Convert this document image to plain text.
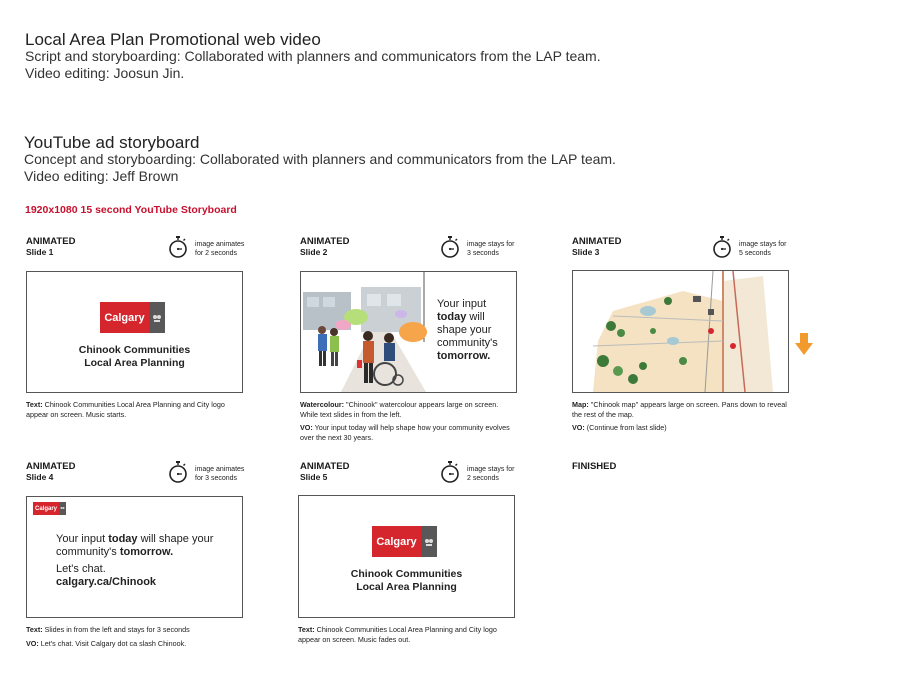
Local Area Plan Promotional web video
Script and storyboarding: Collaborated with planners and communicators from the LAP team.
Video editing: Joosun Jin.
YouTube ad storyboard
Concept and storyboarding: Collaborated with planners and communicators from the LAP team.
Video editing: Jeff Brown
1920x1080 15 second YouTube Storyboard
ANIMATED
Slide 1
image animates
for 2 seconds
Calgary
Chinook Communities
Local Area Planning
Text: Chinook Communities Local Area Planning and City logo appear on screen. Music starts.
ANIMATED
Slide 2
image stays for
3 seconds
Your input
today will
shape your
community's
tomorrow.
Watercolour: "Chinook" watercolour appears large on screen. While text slides in from the left.
VO: Your input today will help shape how your community evolves over the next 30 years.
ANIMATED
Slide 3
image stays for
5 seconds
Map: "Chinook map" appears large on screen. Pans down to reveal the rest of the map.
VO: (Continue from last slide)
ANIMATED
Slide 4
image animates
for 3 seconds
Calgary
Your input today will shape your
community's tomorrow.
Let's chat.
calgary.ca/Chinook
Text: Slides in from the left and stays for 3 seconds
VO: Let's chat. Visit Calgary dot ca slash Chinook.
ANIMATED
Slide 5
image stays for
2 seconds
Calgary
Chinook Communities
Local Area Planning
Text: Chinook Communities Local Area Planning and City logo appear on screen. Music fades out.
FINISHED
